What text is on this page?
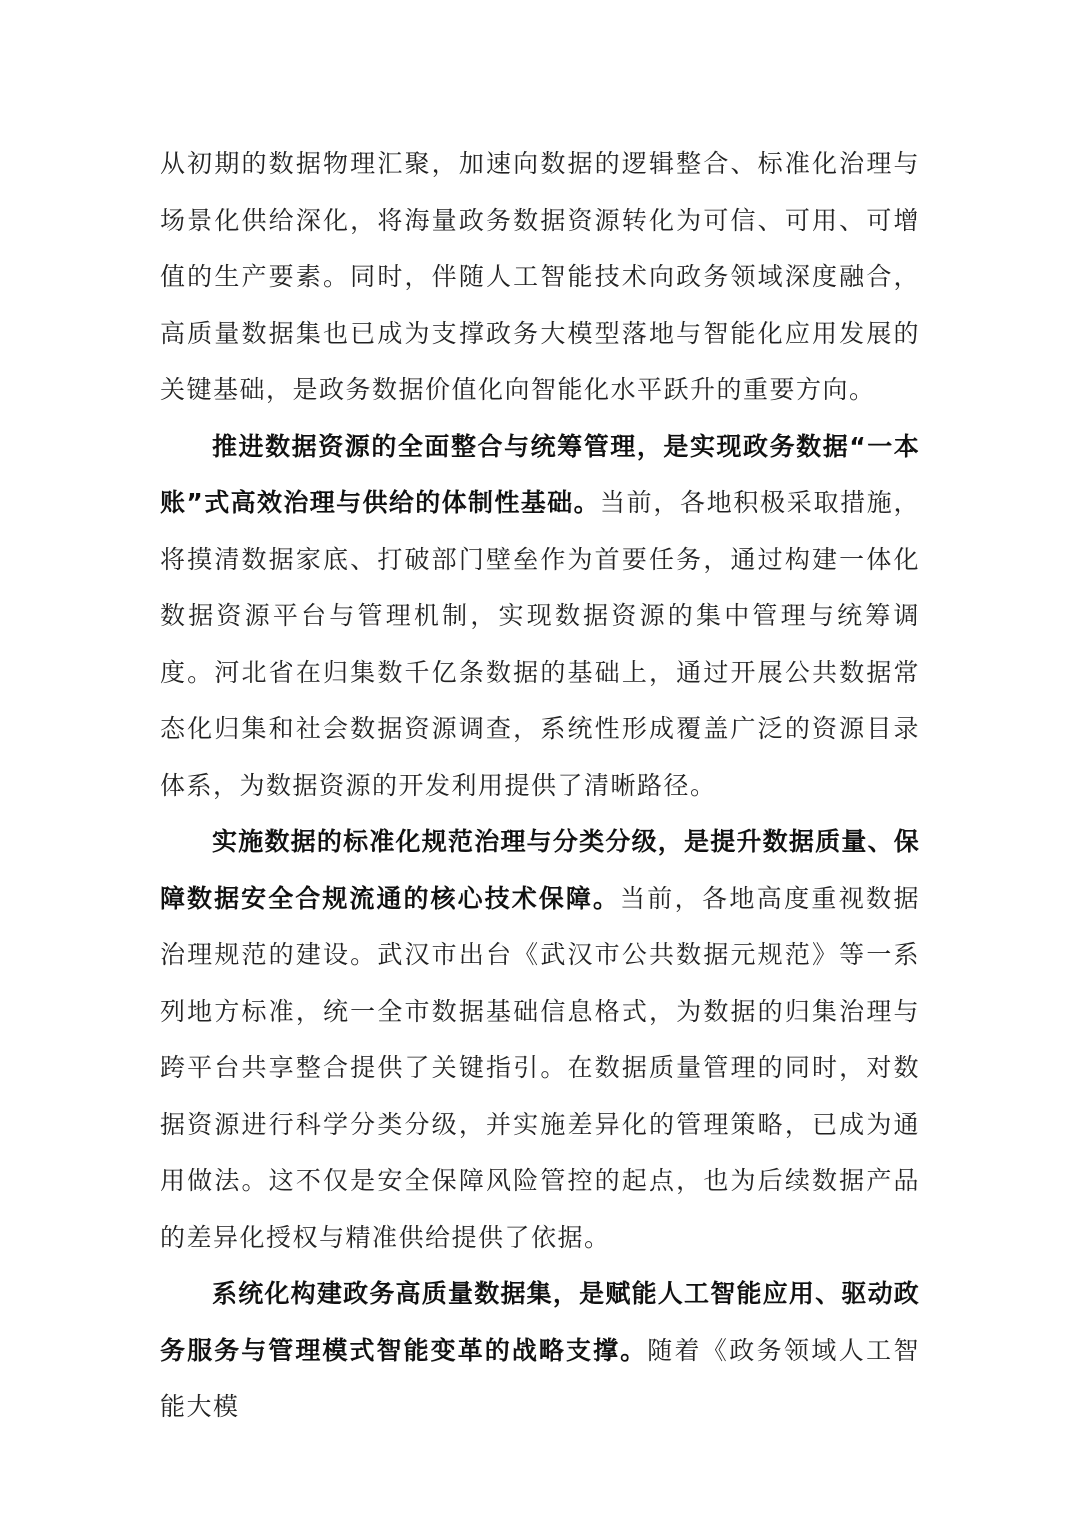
从初期的数据物理汇聚，加速向数据的逻辑整合、标准化治理与场景化供给深化，将海量政务数据资源转化为可信、可用、可增值的生产要素。同时，伴随人工智能技术向政务领域深度融合，高质量数据集也已成为支撑政务大模型落地与智能化应用发展的关键基础，是政务数据价值化向智能化水平跃升的重要方向。

推进数据资源的全面整合与统筹管理，是实现政务数据“一本账”式高效治理与供给的体制性基础。当前，各地积极采取措施，将摸清数据家底、打破部门壁垒作为首要任务，通过构建一体化数据资源平台与管理机制，实现数据资源的集中管理与统筹调度。河北省在归集数千亿条数据的基础上，通过开展公共数据常态化归集和社会数据资源调查，系统性形成覆盖广泛的资源目录体系，为数据资源的开发利用提供了清晰路径。

实施数据的标准化规范治理与分类分级，是提升数据质量、保障数据安全合规流通的核心技术保障。当前，各地高度重视数据治理规范的建设。武汉市出台《武汉市公共数据元规范》等一系列地方标准，统一全市数据基础信息格式，为数据的归集治理与跨平台共享整合提供了关键指引。在数据质量管理的同时，对数据资源进行科学分类分级，并实施差异化的管理策略，已成为通用做法。这不仅是安全保障风险管控的起点，也为后续数据产品的差异化授权与精准供给提供了依据。

系统化构建政务高质量数据集，是赋能人工智能应用、驱动政务服务与管理模式智能变革的战略支撑。随着《政务领域人工智能大模
